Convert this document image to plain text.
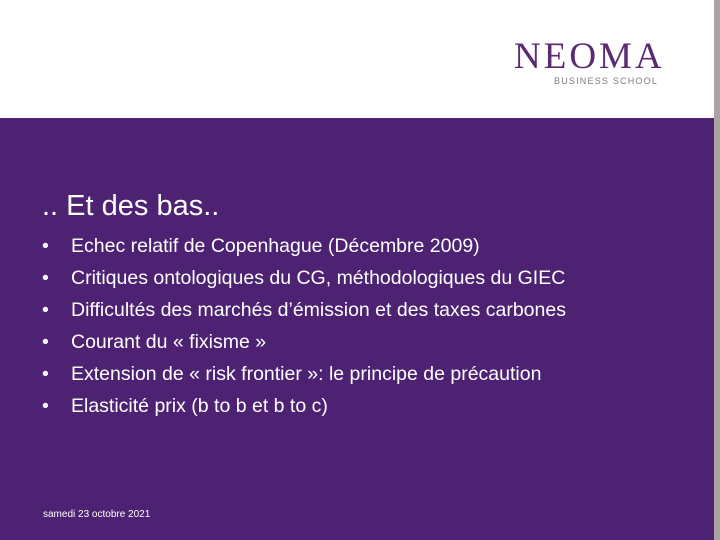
NEOMA
BUSINESS SCHOOL
.. Et des bas..
• Echec relatif de Copenhague (Décembre 2009)
• Critiques ontologiques du CG, méthodologiques du GIEC
• Difficultés des marchés d’émission et des taxes carbones
• Courant du « fixisme »
• Extension de « risk frontier »: le principe de précaution
• Elasticité prix (b to b et b to c)
samedi 23 octobre 2021
